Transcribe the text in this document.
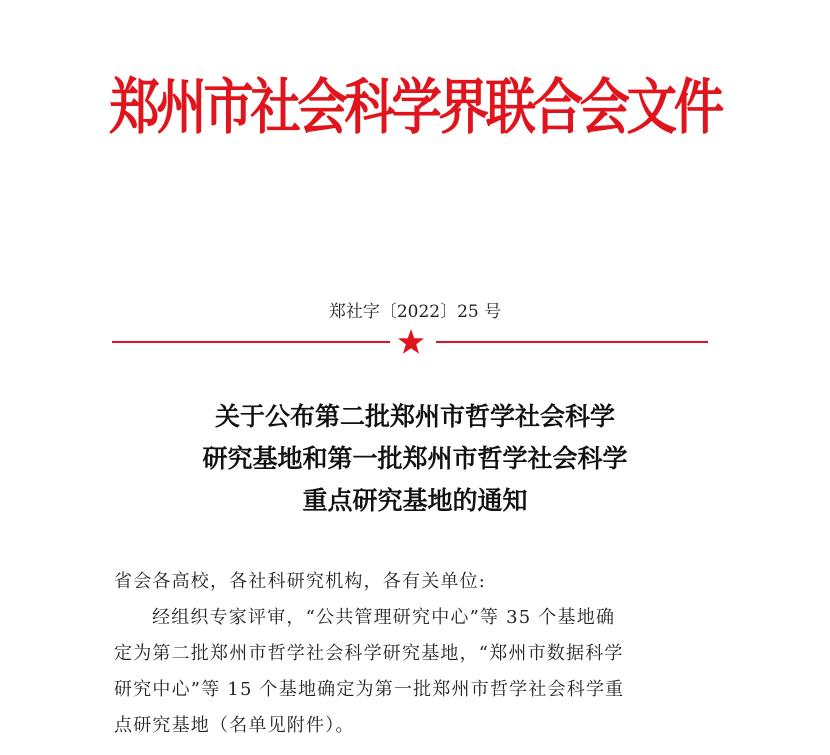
郑州市社会科学界联合会文件
郑社字〔2022〕25 号
关于公布第二批郑州市哲学社会科学
研究基地和第一批郑州市哲学社会科学
重点研究基地的通知
省会各高校，各社科研究机构，各有关单位:
经组织专家评审，“公共管理研究中心”等 35 个基地确
定为第二批郑州市哲学社会科学研究基地，“郑州市数据科学
研究中心”等 15 个基地确定为第一批郑州市哲学社会科学重
点研究基地（名单见附件）。
